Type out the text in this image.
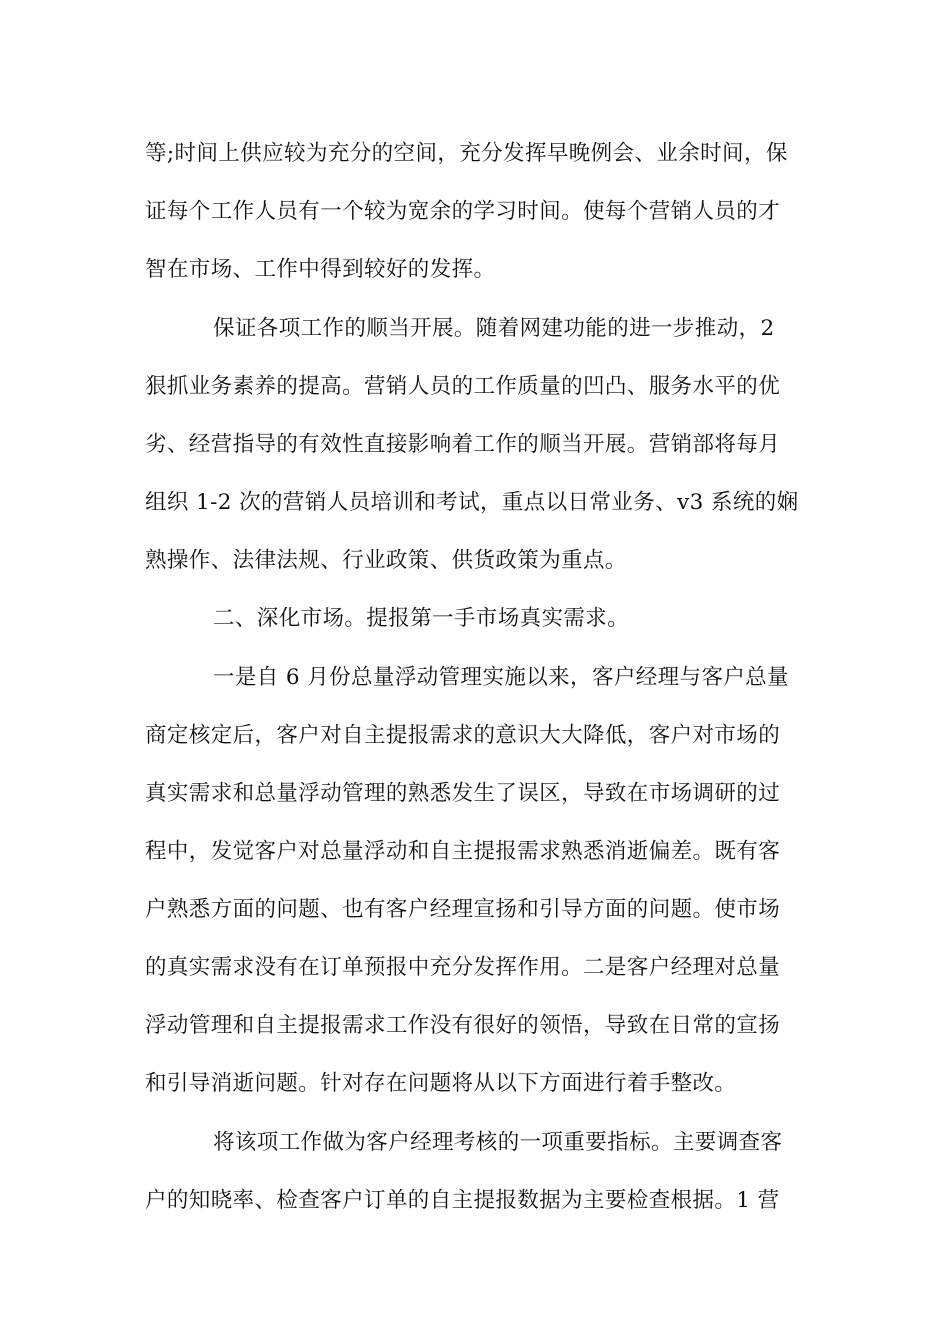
等;时间上供应较为充分的空间，充分发挥早晚例会、业余时间，保
证每个工作人员有一个较为宽余的学习时间。使每个营销人员的才
智在市场、工作中得到较好的发挥。
保证各项工作的顺当开展。随着网建功能的进一步推动，2
狠抓业务素养的提高。营销人员的工作质量的凹凸、服务水平的优
劣、经营指导的有效性直接影响着工作的顺当开展。营销部将每月
组织 1-2 次的营销人员培训和考试，重点以日常业务、v3 系统的娴
熟操作、法律法规、行业政策、供货政策为重点。
二、深化市场。提报第一手市场真实需求。
一是自 6 月份总量浮动管理实施以来，客户经理与客户总量
商定核定后，客户对自主提报需求的意识大大降低，客户对市场的
真实需求和总量浮动管理的熟悉发生了误区，导致在市场调研的过
程中，发觉客户对总量浮动和自主提报需求熟悉消逝偏差。既有客
户熟悉方面的问题、也有客户经理宣扬和引导方面的问题。使市场
的真实需求没有在订单预报中充分发挥作用。二是客户经理对总量
浮动管理和自主提报需求工作没有很好的领悟，导致在日常的宣扬
和引导消逝问题。针对存在问题将从以下方面进行着手整改。
将该项工作做为客户经理考核的一项重要指标。主要调查客
户的知晓率、检查客户订单的自主提报数据为主要检查根据。1 营
